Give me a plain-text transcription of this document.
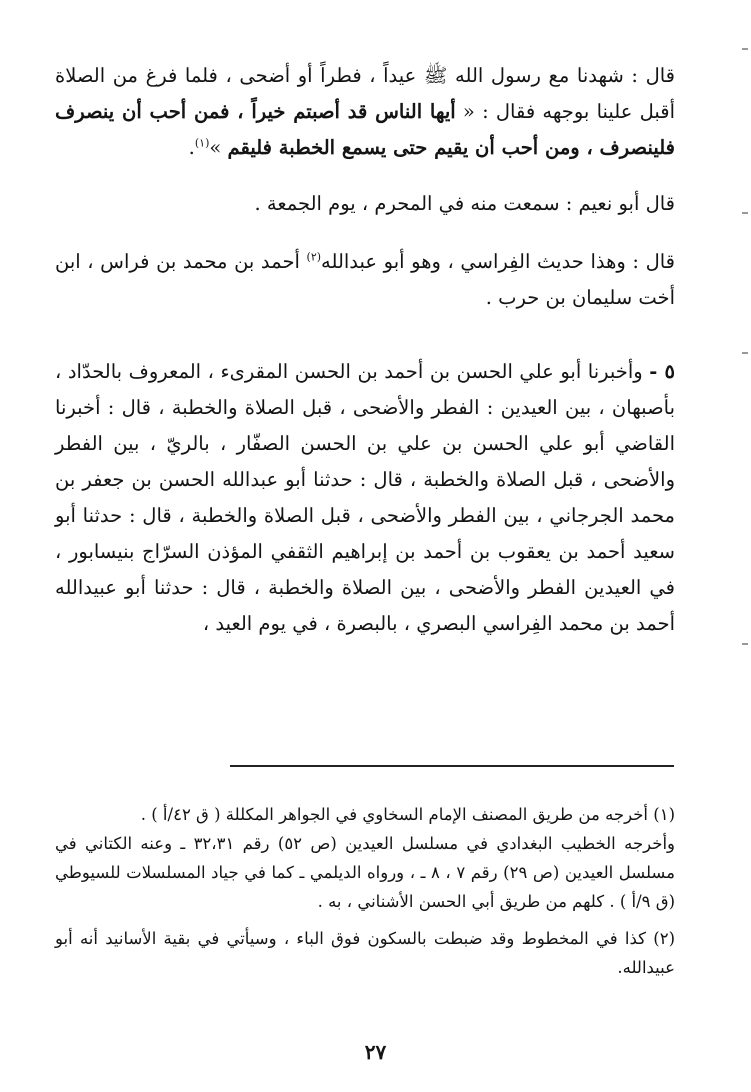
قال : شهدنا مع رسول الله ﷺ عيداً ، فطراً أو أضحى ، فلما فرغ من الصلاة أقبل علينا بوجهه فقال : « أيها الناس قد أصبتم خيراً ، فمن أحب أن ينصرف فلينصرف ، ومن أحب أن يقيم حتى يسمع الخطبة فليقم »$^{(١)}$.

قال أبو نعيم : سمعت منه في المحرم ، يوم الجمعة .

قال : وهذا حديث الفِراسي ، وهو أبو عبدالله$^{(٢)}$ أحمد بن محمد بن فراس ، ابن أخت سليمان بن حرب .

٥ - وأخبرنا أبو علي الحسن بن أحمد بن الحسن المقرىء ، المعروف بالحدّاد ، بأصبهان ، بين العيدين : الفطر والأضحى ، قبل الصلاة والخطبة ، قال : أخبرنا القاضي أبو علي الحسن بن علي بن الحسن الصفّار ، بالريّ ، بين الفطر والأضحى ، قبل الصلاة والخطبة ، قال : حدثنا أبو عبدالله الحسن بن جعفر بن محمد الجرجاني ، بين الفطر والأضحى ، قبل الصلاة والخطبة ، قال : حدثنا أبو سعيد أحمد بن يعقوب بن أحمد بن إبراهيم الثقفي المؤذن السرّاج بنيسابور ، في العيدين الفطر والأضحى ، بين الصلاة والخطبة ، قال : حدثنا أبو عبيدالله أحمد بن محمد الفِراسي البصري ، بالبصرة ، في يوم العيد ،

(١) أخرجه من طريق المصنف الإمام السخاوي في الجواهر المكللة ( ق ٤٢/أ ) .

وأخرجه الخطيب البغدادي في مسلسل العيدين (ص ٥٢) رقم ٣٢،٣١ ـ وعنه الكتاني في مسلسل العيدين (ص ٢٩) رقم ٧ ، ٨ ـ ، ورواه الديلمي ـ كما في جياد المسلسلات للسيوطي (ق ٩/أ ) . كلهم من طريق أبي الحسن الأشناني ، به .

(٢) كذا في المخطوط وقد ضبطت بالسكون فوق الباء ، وسيأتي في بقية الأسانيد أنه أبو عبيدالله.

٢٧
